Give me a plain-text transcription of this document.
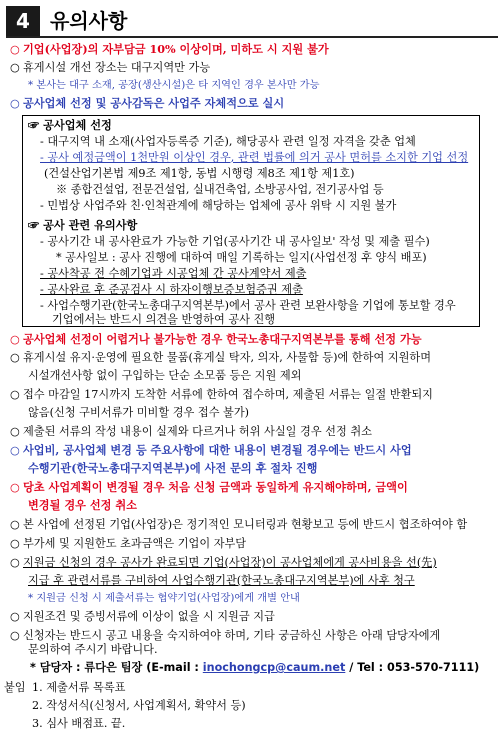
4	유의사항
○ 기업(사업장)의 자부담금 10% 이상이며, 미하도 시 지원 불가
○ 휴게시설 개선 장소는 대구지역만 가능
* 본사는 대구 소재, 공장(생산시설)은 타 지역인 경우 본사만 가능
○ 공사업체 선정 및 공사감독은 사업주 자체적으로 실시
☞ 공사업체 선정
- 대구지역 내 소재(사업자등록증 기준), 해당공사 관련 일정 자격을 갖춘 업체
- 공사 예정금액이 1천만원 이상인 경우, 관련 법률에 의거 공사 면허를 소지한 기업 선정
(건설산업기본법 제9조 제1항, 동법 시행령 제8조 제1항 제1호)
※ 종합건설업, 전문건설업, 실내건축업, 소방공사업, 전기공사업 등
- 민법상 사업주와 친·인척관계에 해당하는 업체에 공사 위탁 시 지원 불가
☞ 공사 관련 유의사항
- 공사기간 내 공사완료가 가능한 기업(공사기간 내 공사일보' 작성 및 제출 필수)
* 공사일보 : 공사 진행에 대하여 매일 기록하는 일지(사업선정 후 양식 배포)
- 공사착공 전 수혜기업과 시공업체 간 공사계약서 제출
- 공사완료 후 준공검사 시 하자이행보증보험증권 제출
- 사업수행기관(한국노총대구지역본부)에서 공사 관련 보완사항을 기업에 통보할 경우
기업에서는 반드시 의견을 반영하여 공사 진행
○ 공사업체 선정이 어렵거나 불가능한 경우 한국노총대구지역본부를 통해 선정 가능
○ 휴게시설 유지·운영에 필요한 물품(휴게실 탁자, 의자, 사물함 등)에 한하여 지원하며
시설개선사항 없이 구입하는 단순 소모품 등은 지원 제외
○ 접수 마감일 17시까지 도착한 서류에 한하여 접수하며, 제출된 서류는 일절 반환되지
않음(신청 구비서류가 미비할 경우 접수 불가)
○ 제출된 서류의 작성 내용이 실제와 다르거나 허위 사실일 경우 선정 취소
○ 사업비, 공사업체 변경 등 주요사항에 대한 내용이 변경될 경우에는 반드시 사업
수행기관(한국노총대구지역본부)에 사전 문의 후 절차 진행
○ 당초 사업계획이 변경될 경우 처음 신청 금액과 동일하게 유지해야하며, 금액이
변경될 경우 선정 취소
○ 본 사업에 선정된 기업(사업장)은 정기적인 모니터링과 현황보고 등에 반드시 협조하여야 함
○ 부가세 및 지원한도 초과금액은 기업이 자부담
○ 지원금 신청의 경우 공사가 완료되면 기업(사업장)이 공사업체에게 공사비용을 선(先)
지급 후 관련서류를 구비하여 사업수행기관(한국노총대구지역본부)에 사후 청구
* 지원금 신청 시 제출서류는 협약기업(사업장)에게 개별 안내
○ 지원조건 및 증빙서류에 이상이 없을 시 지원금 지급
○ 신청자는 반드시 공고 내용을 숙지하여야 하며, 기타 궁금하신 사항은 아래 담당자에게
문의하여 주시기 바랍니다.
* 담당자 : 류다은 팀장 (E-mail : inochongcp@caum.net / Tel : 053-570-7111)
붙임 1. 제출서류 목록표
2. 작성서식(신청서, 사업계획서, 확약서 등)
3. 심사 배점표. 끝.
